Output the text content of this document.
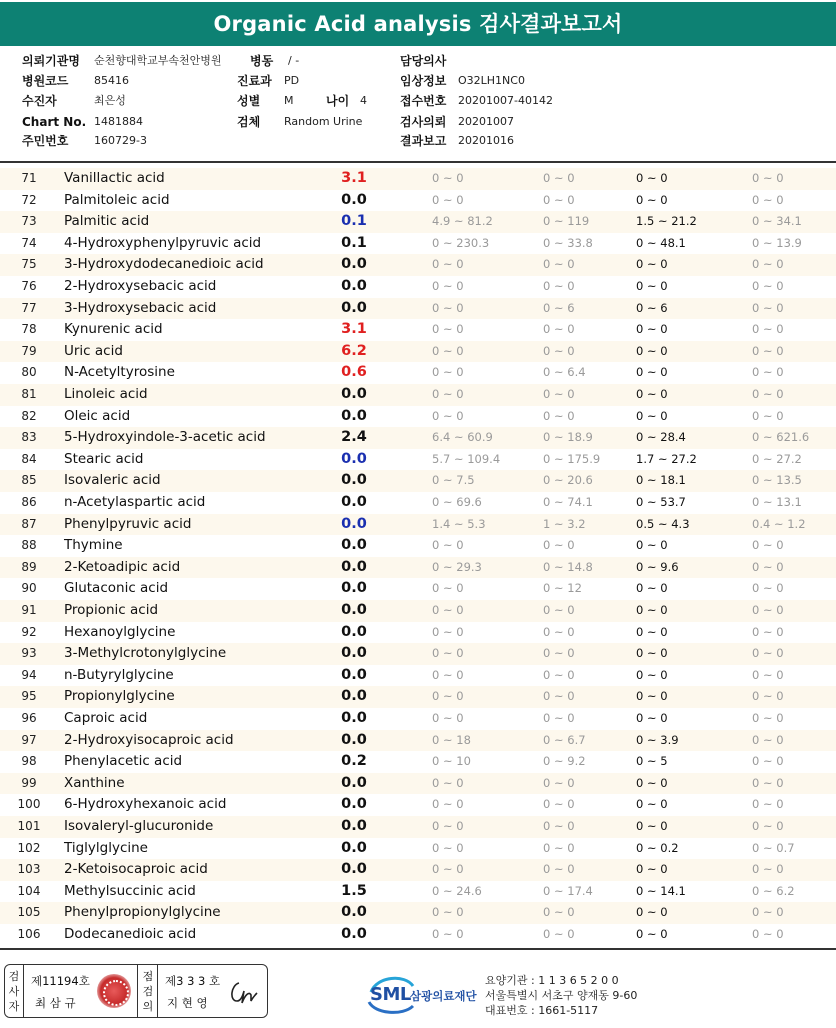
Organic Acid analysis 검사결과보고서
의뢰기관명 순천향대학교부속천안병원 병동 / -	담당의사
병원코드 85416	진료과 PD	임상정보 O32LH1NC0
수진자	최은성	성별 M	나이 4	접수번호 20201007-40142
Chart No. 1481884	검체 Random Urine	검사의뢰 20201007
주민번호 160729-3	결과보고 20201016
71	Vanillactic acid	3.1	0 ~ 0	0 ~ 0	0 ~ 0	0 ~ 0
72	Palmitoleic acid	0.0	0 ~ 0	0 ~ 0	0 ~ 0	0 ~ 0
73	Palmitic acid	0.1	4.9 ~ 81.2	0 ~ 119	1.5 ~ 21.2	0 ~ 34.1
74	4-Hydroxyphenylpyruvic acid	0.1	0 ~ 230.3	0 ~ 33.8	0 ~ 48.1	0 ~ 13.9
75	3-Hydroxydodecanedioic acid	0.0	0 ~ 0	0 ~ 0	0 ~ 0	0 ~ 0
76	2-Hydroxysebacic acid	0.0	0 ~ 0	0 ~ 0	0 ~ 0	0 ~ 0
77	3-Hydroxysebacic acid	0.0	0 ~ 0	0 ~ 6	0 ~ 6	0 ~ 0
78	Kynurenic acid	3.1	0 ~ 0	0 ~ 0	0 ~ 0	0 ~ 0
79	Uric acid	6.2	0 ~ 0	0 ~ 0	0 ~ 0	0 ~ 0
80	N-Acetyltyrosine	0.6	0 ~ 0	0 ~ 6.4	0 ~ 0	0 ~ 0
81	Linoleic acid	0.0	0 ~ 0	0 ~ 0	0 ~ 0	0 ~ 0
82	Oleic acid	0.0	0 ~ 0	0 ~ 0	0 ~ 0	0 ~ 0
83	5-Hydroxyindole-3-acetic acid	2.4	6.4 ~ 60.9	0 ~ 18.9	0 ~ 28.4	0 ~ 621.6
84	Stearic acid	0.0	5.7 ~ 109.4	0 ~ 175.9	1.7 ~ 27.2	0 ~ 27.2
85	Isovaleric acid	0.0	0 ~ 7.5	0 ~ 20.6	0 ~ 18.1	0 ~ 13.5
86	n-Acetylaspartic acid	0.0	0 ~ 69.6	0 ~ 74.1	0 ~ 53.7	0 ~ 13.1
87	Phenylpyruvic acid	0.0	1.4 ~ 5.3	1 ~ 3.2	0.5 ~ 4.3	0.4 ~ 1.2
88	Thymine	0.0	0 ~ 0	0 ~ 0	0 ~ 0	0 ~ 0
89	2-Ketoadipic acid	0.0	0 ~ 29.3	0 ~ 14.8	0 ~ 9.6	0 ~ 0
90	Glutaconic acid	0.0	0 ~ 0	0 ~ 12	0 ~ 0	0 ~ 0
91	Propionic acid	0.0	0 ~ 0	0 ~ 0	0 ~ 0	0 ~ 0
92	Hexanoylglycine	0.0	0 ~ 0	0 ~ 0	0 ~ 0	0 ~ 0
93	3-Methylcrotonylglycine	0.0	0 ~ 0	0 ~ 0	0 ~ 0	0 ~ 0
94	n-Butyrylglycine	0.0	0 ~ 0	0 ~ 0	0 ~ 0	0 ~ 0
95	Propionylglycine	0.0	0 ~ 0	0 ~ 0	0 ~ 0	0 ~ 0
96	Caproic acid	0.0	0 ~ 0	0 ~ 0	0 ~ 0	0 ~ 0
97	2-Hydroxyisocaproic acid	0.0	0 ~ 18	0 ~ 6.7	0 ~ 3.9	0 ~ 0
98	Phenylacetic acid	0.2	0 ~ 10	0 ~ 9.2	0 ~ 5	0 ~ 0
99	Xanthine	0.0	0 ~ 0	0 ~ 0	0 ~ 0	0 ~ 0
100 6-Hydroxyhexanoic acid	0.0	0 ~ 0	0 ~ 0	0 ~ 0	0 ~ 0
101 Isovaleryl-glucuronide	0.0	0 ~ 0	0 ~ 0	0 ~ 0	0 ~ 0
102 Tiglylglycine	0.0	0 ~ 0	0 ~ 0	0 ~ 0.2	0 ~ 0.7
103 2-Ketoisocaproic acid	0.0	0 ~ 0	0 ~ 0	0 ~ 0	0 ~ 0
104 Methylsuccinic acid	1.5	0 ~ 24.6	0 ~ 17.4	0 ~ 14.1	0 ~ 6.2
105 Phenylpropionylglycine	0.0	0 ~ 0	0 ~ 0	0 ~ 0	0 ~ 0
106 Dodecanedioic acid	0.0	0 ~ 0	0 ~ 0	0 ~ 0	0 ~ 0
검사자
제11194호
최 삼 규
점검의
제3 3 3 호
지 현 영	SML 삼광의료재단
요양기관 : 1 1 3 6 5 2 0 0
서울특별시 서초구 양재동 9-60
대표번호 : 1661-5117
